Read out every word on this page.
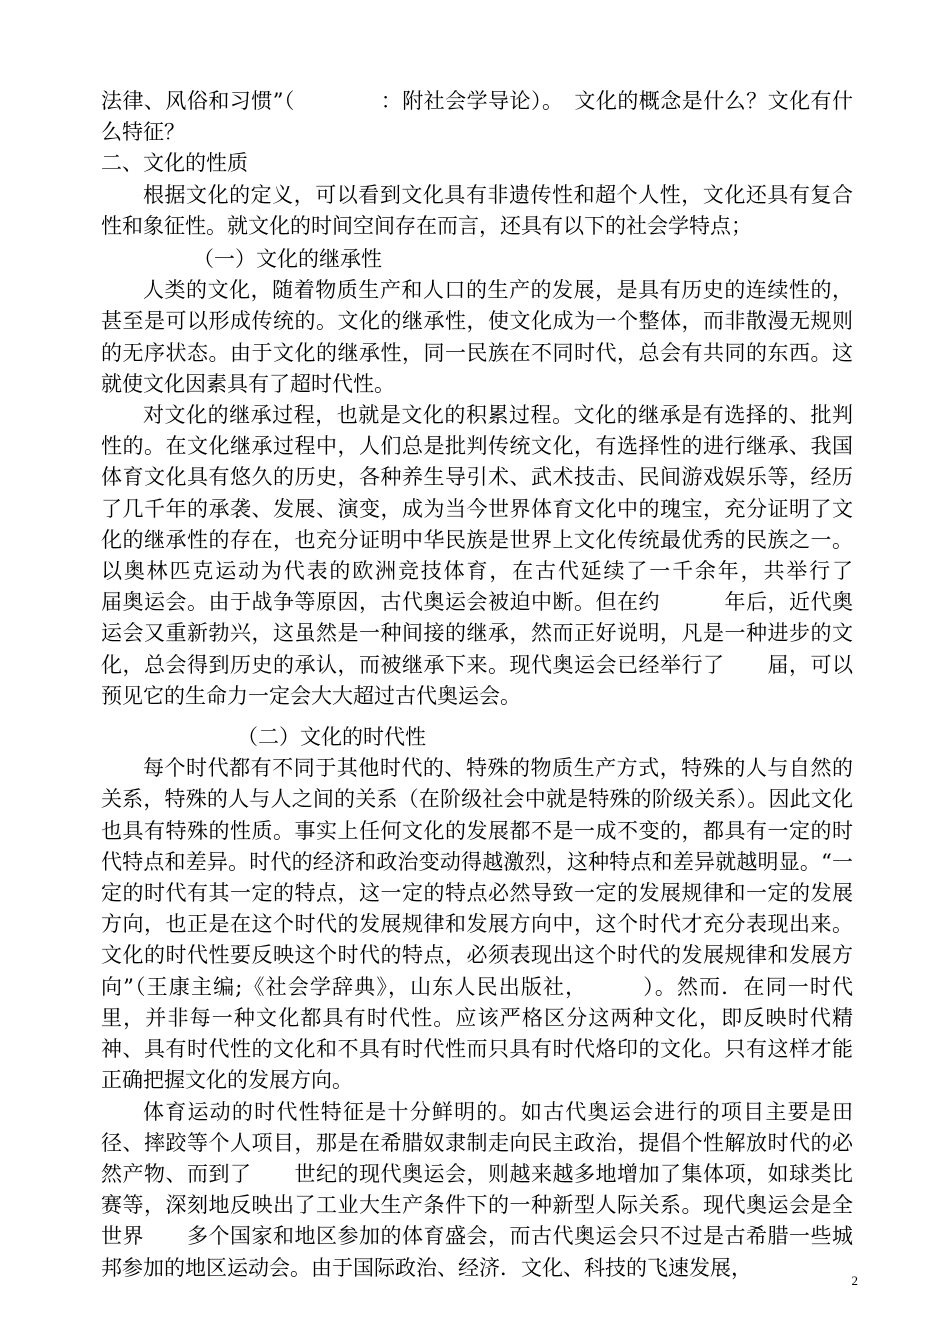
法律、风俗和习惯”（　　　　：附社会学导论）。　文化的概念是什么？文化有什么特征？

二、文化的性质

根据文化的定义，可以看到文化具有非遗传性和超个人性，文化还具有复合性和象征性。就文化的时间空间存在而言，还具有以下的社会学特点；

（一）文化的继承性

人类的文化，随着物质生产和人口的生产的发展，是具有历史的连续性的，甚至是可以形成传统的。文化的继承性，使文化成为一个整体，而非散漫无规则的无序状态。由于文化的继承性，同一民族在不同时代，总会有共同的东西。这就使文化因素具有了超时代性。

对文化的继承过程，也就是文化的积累过程。文化的继承是有选择的、批判性的。在文化继承过程中，人们总是批判传统文化，有选择性的进行继承、我国体育文化具有悠久的历史，各种养生导引术、武术技击、民间游戏娱乐等，经历了几千年的承袭、发展、演变，成为当今世界体育文化中的瑰宝，充分证明了文化的继承性的存在，也充分证明中华民族是世界上文化传统最优秀的民族之一。以奥林匹克运动为代表的欧洲竞技体育，在古代延续了一千余年，共举行了　　届奥运会。由于战争等原因，古代奥运会被迫中断。但在约　　　年后，近代奥运会又重新勃兴，这虽然是一种间接的继承，然而正好说明，凡是一种进步的文化，总会得到历史的承认，而被继承下来。现代奥运会已经举行了　　届，可以预见它的生命力一定会大大超过古代奥运会。

（二）文化的时代性

每个时代都有不同于其他时代的、特殊的物质生产方式，特殊的人与自然的关系，特殊的人与人之间的关系（在阶级社会中就是特殊的阶级关系）。因此文化也具有特殊的性质。事实上任何文化的发展都不是一成不变的，都具有一定的时代特点和差异。时代的经济和政治变动得越激烈，这种特点和差异就越明显。“一定的时代有其一定的特点，这一定的特点必然导致一定的发展规律和一定的发展方向，也正是在这个时代的发展规律和发展方向中，这个时代才充分表现出来。文化的时代性要反映这个时代的特点，必须表现出这个时代的发展规律和发展方向”（王康主编;《社会学辞典》，山东人民出版社，　　　）。然而．在同一时代里，并非每一种文化都具有时代性。应该严格区分这两种文化，即反映时代精神、具有时代性的文化和不具有时代性而只具有时代烙印的文化。只有这样才能正确把握文化的发展方向。

体育运动的时代性特征是十分鲜明的。如古代奥运会进行的项目主要是田径、摔跤等个人项目，那是在希腊奴隶制走向民主政治，提倡个性解放时代的必然产物、而到了　　世纪的现代奥运会，则越来越多地增加了集体项，如球类比赛等，深刻地反映出了工业大生产条件下的一种新型人际关系。现代奥运会是全世界　　多个国家和地区参加的体育盛会，而古代奥运会只不过是古希腊一些城邦参加的地区运动会。由于国际政治、经济．文化、科技的飞速发展，

2
